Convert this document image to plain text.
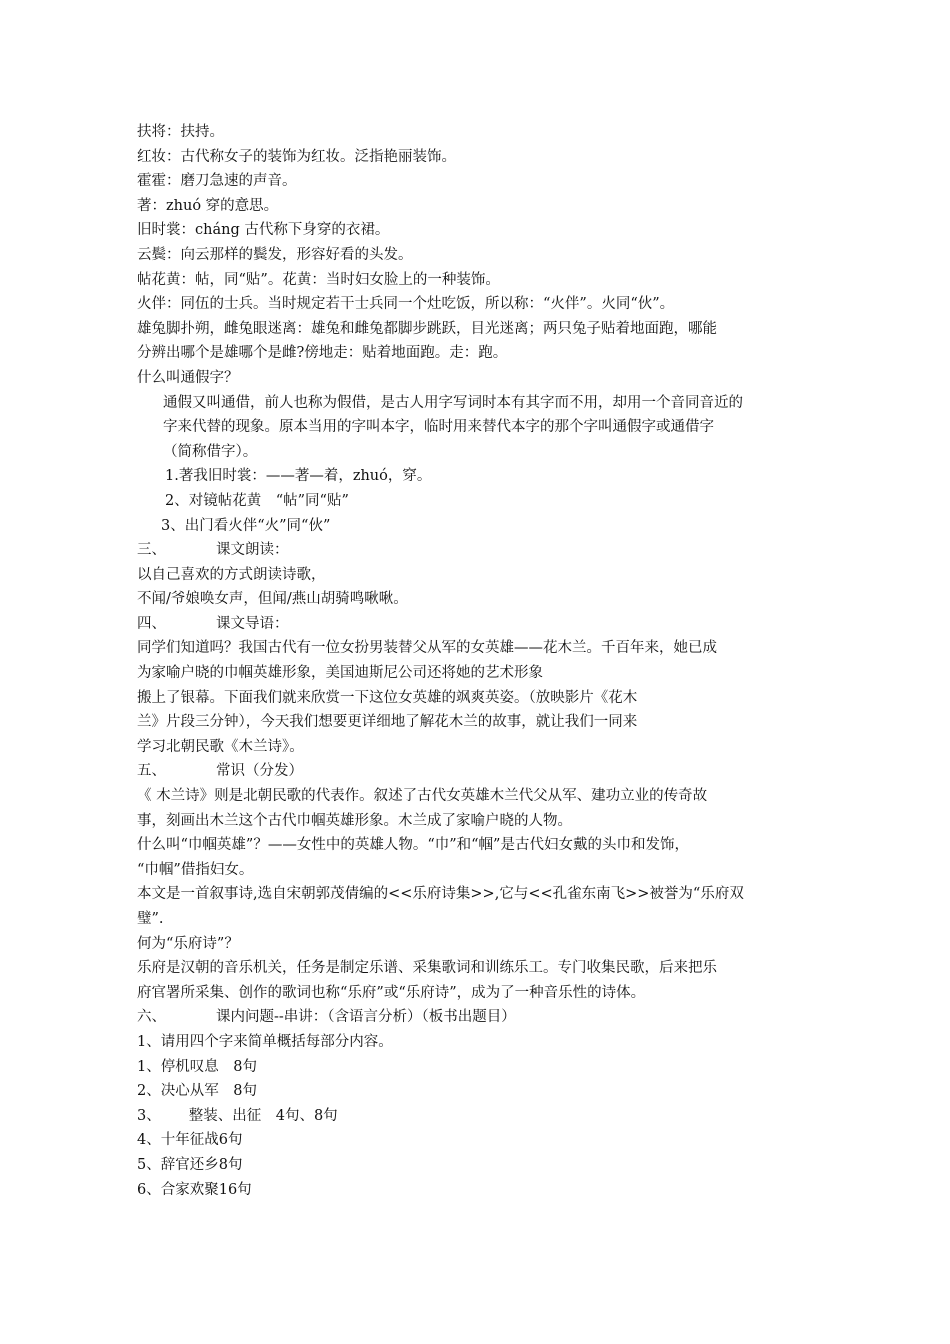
扶将：扶持。
红妆：古代称女子的装饰为红妆。泛指艳丽装饰。
霍霍：磨刀急速的声音。
著：zhuó 穿的意思。
旧时裳：cháng 古代称下身穿的衣裙。
云鬓：向云那样的鬓发，形容好看的头发。
帖花黄：帖，同“贴”。花黄：当时妇女脸上的一种装饰。
火伴：同伍的士兵。当时规定若干士兵同一个灶吃饭，所以称：“火伴”。火同“伙”。
雄兔脚扑朔，雌兔眼迷离：雄兔和雌兔都脚步跳跃，目光迷离；两只兔子贴着地面跑，哪能
分辨出哪个是雄哪个是雌?傍地走：贴着地面跑。走：跑。
什么叫通假字？
通假又叫通借，前人也称为假借，是古人用字写词时本有其字而不用，却用一个音同音近的
字来代替的现象。原本当用的字叫本字，临时用来替代本字的那个字叫通假字或通借字
（简称借字）。
1.著我旧时裳：——著—着，zhuó，穿。
2、对镜帖花黄　“帖”同“贴”
3、出门看火伴“火”同“伙”
三、	课文朗读：
以自己喜欢的方式朗读诗歌，
不闻/爷娘唤女声，但闻/燕山胡骑鸣啾啾。
四、	课文导语：
同学们知道吗？我国古代有一位女扮男装替父从军的女英雄——花木兰。千百年来，她已成
为家喻户晓的巾帼英雄形象，美国迪斯尼公司还将她的艺术形象
搬上了银幕。下面我们就来欣赏一下这位女英雄的飒爽英姿。（放映影片《花木
兰》片段三分钟），今天我们想要更详细地了解花木兰的故事，就让我们一同来
学习北朝民歌《木兰诗》。
五、	常识（分发）
《 木兰诗》则是北朝民歌的代表作。叙述了古代女英雄木兰代父从军、建功立业的传奇故
事，刻画出木兰这个古代巾帼英雄形象。木兰成了家喻户晓的人物。
什么叫“巾帼英雄”？——女性中的英雄人物。“巾”和“帼”是古代妇女戴的头巾和发饰，
“巾帼”借指妇女。
本文是一首叙事诗,选自宋朝郭茂倩编的<<乐府诗集>>,它与<<孔雀东南飞>>被誉为“乐府双
璧”.
何为“乐府诗”？
乐府是汉朝的音乐机关，任务是制定乐谱、采集歌词和训练乐工。专门收集民歌，后来把乐
府官署所采集、创作的歌词也称“乐府”或“乐府诗”，成为了一种音乐性的诗体。
六、	课内问题--串讲：（含语言分析）（板书出题目）
1、请用四个字来简单概括每部分内容。
1、停机叹息　8句
2、决心从军　8句
3、 整装、出征　4句、8句
4、十年征战6句
5、辞官还乡8句
6、合家欢聚16句
